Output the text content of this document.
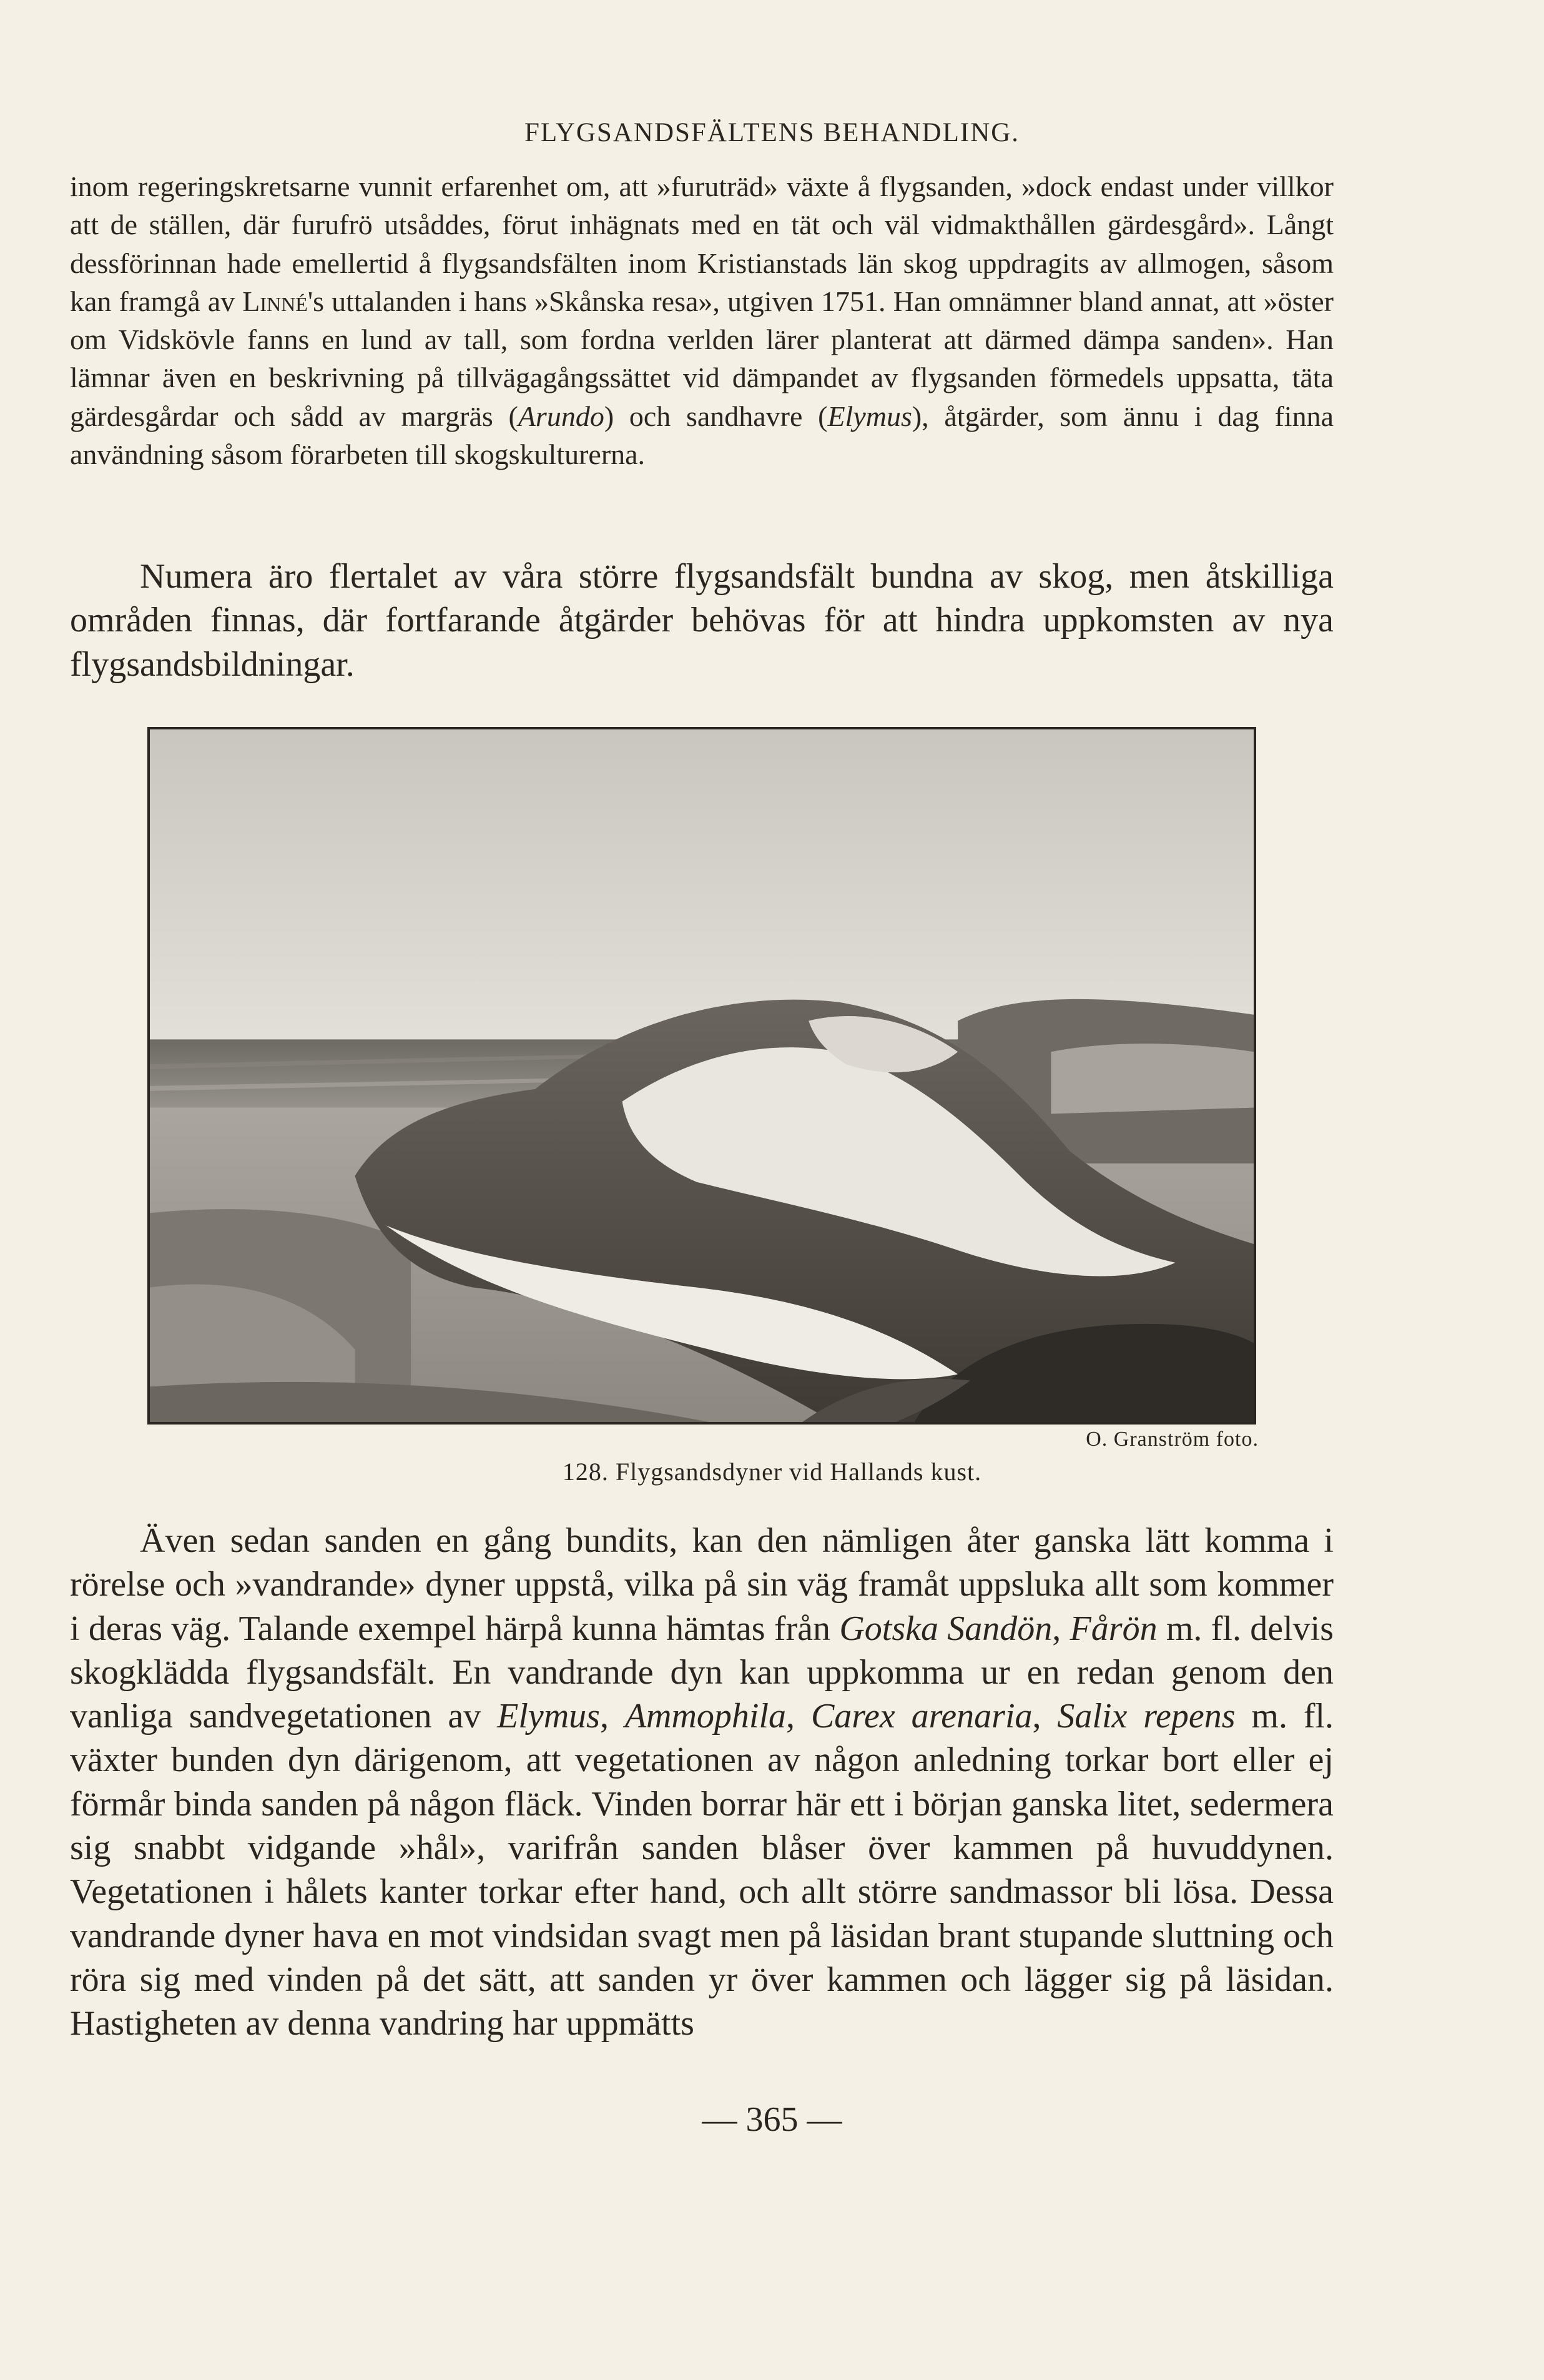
FLYGSANDSFÄLTENS BEHANDLING.

inom regeringskretsarne vunnit erfarenhet om, att »furuträd» växte å flygsanden, »dock endast under villkor att de ställen, där furufrö utsåddes, förut inhägnats med en tät och väl vidmakthållen gärdesgård». Långt dessförinnan hade emellertid å flygsandsfälten inom Kristianstads län skog uppdragits av allmogen, såsom kan framgå av Linné's uttalanden i hans »Skånska resa», utgiven 1751. Han omnämner bland annat, att »öster om Vidskövle fanns en lund av tall, som fordna verlden lärer planterat att därmed dämpa sanden». Han lämnar även en beskrivning på tillvägagångssättet vid dämpandet av flygsanden förmedels uppsatta, täta gärdesgårdar och sådd av margräs (Arundo) och sandhavre (Elymus), åtgärder, som ännu i dag finna användning såsom förarbeten till skogskulturerna.

Numera äro flertalet av våra större flygsandsfält bundna av skog, men åtskilliga områden finnas, där fortfarande åtgärder behövas för att hindra uppkomsten av nya flygsandsbildningar.

O. Granström foto.
128. Flygsandsdyner vid Hallands kust.

Även sedan sanden en gång bundits, kan den nämligen åter ganska lätt komma i rörelse och »vandrande» dyner uppstå, vilka på sin väg framåt uppsluka allt som kommer i deras väg. Talande exempel härpå kunna hämtas från Gotska Sandön, Fårön m. fl. delvis skogklädda flygsandsfält. En vandrande dyn kan uppkomma ur en redan genom den vanliga sandvegetationen av Elymus, Ammophila, Carex arenaria, Salix repens m. fl. växter bunden dyn därigenom, att vegetationen av någon anledning torkar bort eller ej förmår binda sanden på någon fläck. Vinden borrar här ett i början ganska litet, sedermera sig snabbt vidgande »hål», varifrån sanden blåser över kammen på huvuddynen. Vegetationen i hålets kanter torkar efter hand, och allt större sandmassor bli lösa. Dessa vandrande dyner hava en mot vindsidan svagt men på läsidan brant stupande sluttning och röra sig med vinden på det sätt, att sanden yr över kammen och lägger sig på läsidan. Hastigheten av denna vandring har uppmätts

— 365 —
